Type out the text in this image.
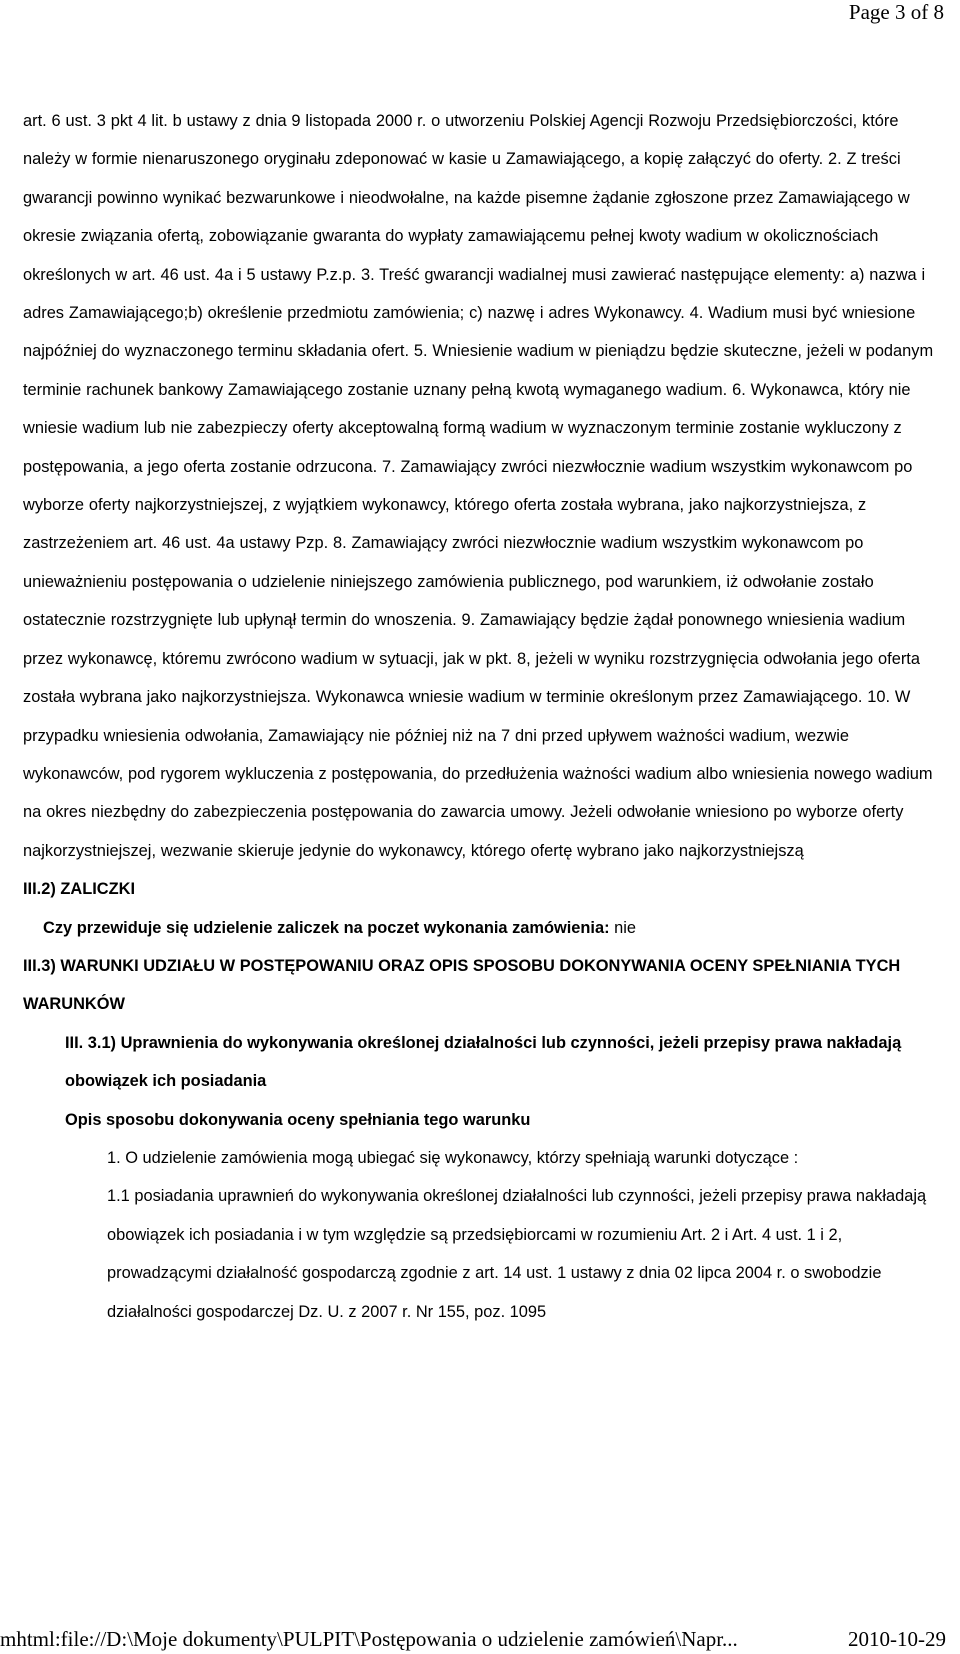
Page 3 of 8

art. 6 ust. 3 pkt 4 lit. b ustawy z dnia 9 listopada 2000 r. o utworzeniu Polskiej Agencji Rozwoju Przedsiębiorczości, które należy w formie nienaruszonego oryginału zdeponować w kasie u Zamawiającego, a kopię załączyć do oferty. 2. Z treści gwarancji powinno wynikać bezwarunkowe i nieodwołalne, na każde pisemne żądanie zgłoszone przez Zamawiającego w okresie związania ofertą, zobowiązanie gwaranta do wypłaty zamawiającemu pełnej kwoty wadium w okolicznościach określonych w art. 46 ust. 4a i 5 ustawy P.z.p. 3. Treść gwarancji wadialnej musi zawierać następujące elementy: a) nazwa i adres Zamawiającego;b) określenie przedmiotu zamówienia; c) nazwę i adres Wykonawcy. 4. Wadium musi być wniesione najpóźniej do wyznaczonego terminu składania ofert. 5. Wniesienie wadium w pieniądzu będzie skuteczne, jeżeli w podanym terminie rachunek bankowy Zamawiającego zostanie uznany pełną kwotą wymaganego wadium. 6. Wykonawca, który nie wniesie wadium lub nie zabezpieczy oferty akceptowalną formą wadium w wyznaczonym terminie zostanie wykluczony z postępowania, a jego oferta zostanie odrzucona. 7. Zamawiający zwróci niezwłocznie wadium wszystkim wykonawcom po wyborze oferty najkorzystniejszej, z wyjątkiem wykonawcy, którego oferta została wybrana, jako najkorzystniejsza, z zastrzeżeniem art. 46 ust. 4a ustawy Pzp. 8. Zamawiający zwróci niezwłocznie wadium wszystkim wykonawcom po unieważnieniu postępowania o udzielenie niniejszego zamówienia publicznego, pod warunkiem, iż odwołanie zostało ostatecznie rozstrzygnięte lub upłynął termin do wnoszenia. 9. Zamawiający będzie żądał ponownego wniesienia wadium przez wykonawcę, któremu zwrócono wadium w sytuacji, jak w pkt. 8, jeżeli w wyniku rozstrzygnięcia odwołania jego oferta została wybrana jako najkorzystniejsza. Wykonawca wniesie wadium w terminie określonym przez Zamawiającego. 10. W przypadku wniesienia odwołania, Zamawiający nie później niż na 7 dni przed upływem ważności wadium, wezwie wykonawców, pod rygorem wykluczenia z postępowania, do przedłużenia ważności wadium albo wniesienia nowego wadium na okres niezbędny do zabezpieczenia postępowania do zawarcia umowy. Jeżeli odwołanie wniesiono po wyborze oferty najkorzystniejszej, wezwanie skieruje jedynie do wykonawcy, którego ofertę wybrano jako najkorzystniejszą

III.2) ZALICZKI

Czy przewiduje się udzielenie zaliczek na poczet wykonania zamówienia: nie

III.3) WARUNKI UDZIAŁU W POSTĘPOWANIU ORAZ OPIS SPOSOBU DOKONYWANIA OCENY SPEŁNIANIA TYCH WARUNKÓW

III. 3.1) Uprawnienia do wykonywania określonej działalności lub czynności, jeżeli przepisy prawa nakładają obowiązek ich posiadania

Opis sposobu dokonywania oceny spełniania tego warunku

1. O udzielenie zamówienia mogą ubiegać się wykonawcy, którzy spełniają warunki dotyczące :

1.1 posiadania uprawnień do wykonywania określonej działalności lub czynności, jeżeli przepisy prawa nakładają obowiązek ich posiadania i w tym względzie są przedsiębiorcami w rozumieniu Art. 2 i Art. 4 ust. 1 i 2, prowadzącymi działalność gospodarczą zgodnie z art. 14 ust. 1 ustawy z dnia 02 lipca 2004 r. o swobodzie działalności gospodarczej Dz. U. z 2007 r. Nr 155, poz. 1095

mhtml:file://D:\Moje dokumenty\PULPIT\Postępowania o udzielenie zamówień\Napr...	2010-10-29
